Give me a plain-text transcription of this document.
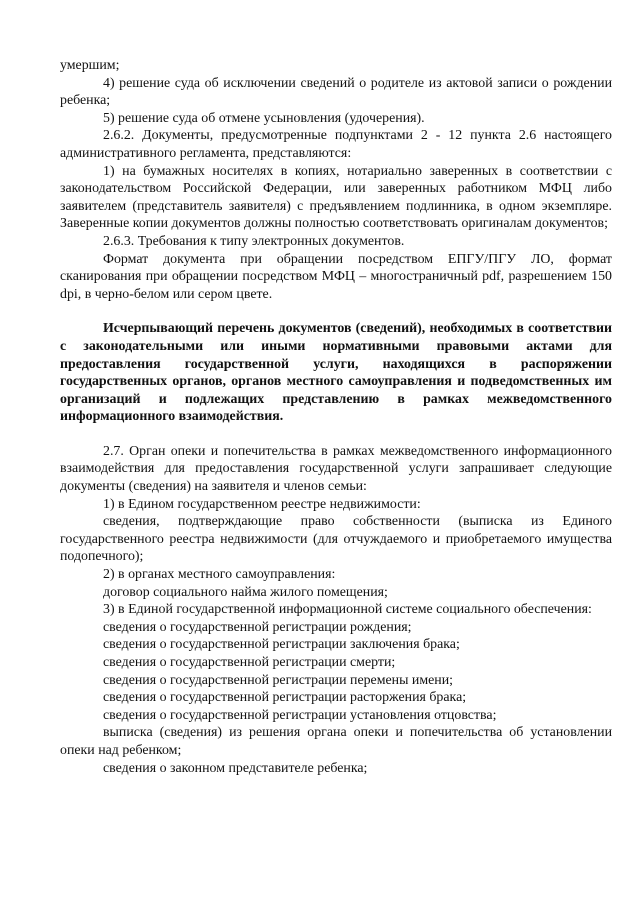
умершим;

4) решение суда об исключении сведений о родителе из актовой записи о рождении ребенка;

5) решение суда об отмене усыновления (удочерения).

2.6.2. Документы, предусмотренные подпунктами 2 - 12 пункта 2.6 настоящего административного регламента, представляются:

1) на бумажных носителях в копиях, нотариально заверенных в соответствии с законодательством Российской Федерации, или заверенных работником МФЦ либо заявителем (представитель заявителя) с предъявлением подлинника, в одном экземпляре. Заверенные копии документов должны полностью соответствовать оригиналам документов;

2.6.3. Требования к типу электронных документов.

Формат документа при обращении посредством ЕПГУ/ПГУ ЛО, формат сканирования при обращении посредством МФЦ – многостраничный pdf, разрешением 150 dpi, в черно-белом или сером цвете.

Исчерпывающий перечень документов (сведений), необходимых в соответствии с законодательными или иными нормативными правовыми актами для предоставления государственной услуги, находящихся в распоряжении государственных органов, органов местного самоуправления и подведомственных им организаций и подлежащих представлению в рамках межведомственного информационного взаимодействия.

2.7. Орган опеки и попечительства в рамках межведомственного информационного взаимодействия для предоставления государственной услуги запрашивает следующие документы (сведения) на заявителя и членов семьи:

1) в Едином государственном реестре недвижимости:

сведения, подтверждающие право собственности (выписка из Единого государственного реестра недвижимости (для отчуждаемого и приобретаемого имущества подопечного);

2) в органах местного самоуправления:

договор социального найма жилого помещения;

3) в Единой государственной информационной системе социального обеспечения:

сведения о государственной регистрации рождения;

сведения о государственной регистрации заключения брака;

сведения о государственной регистрации смерти;

сведения о государственной регистрации перемены имени;

сведения о государственной регистрации расторжения брака;

сведения о государственной регистрации установления отцовства;

выписка (сведения) из решения органа опеки и попечительства об установлении опеки над ребенком;

сведения о законном представителе ребенка;
